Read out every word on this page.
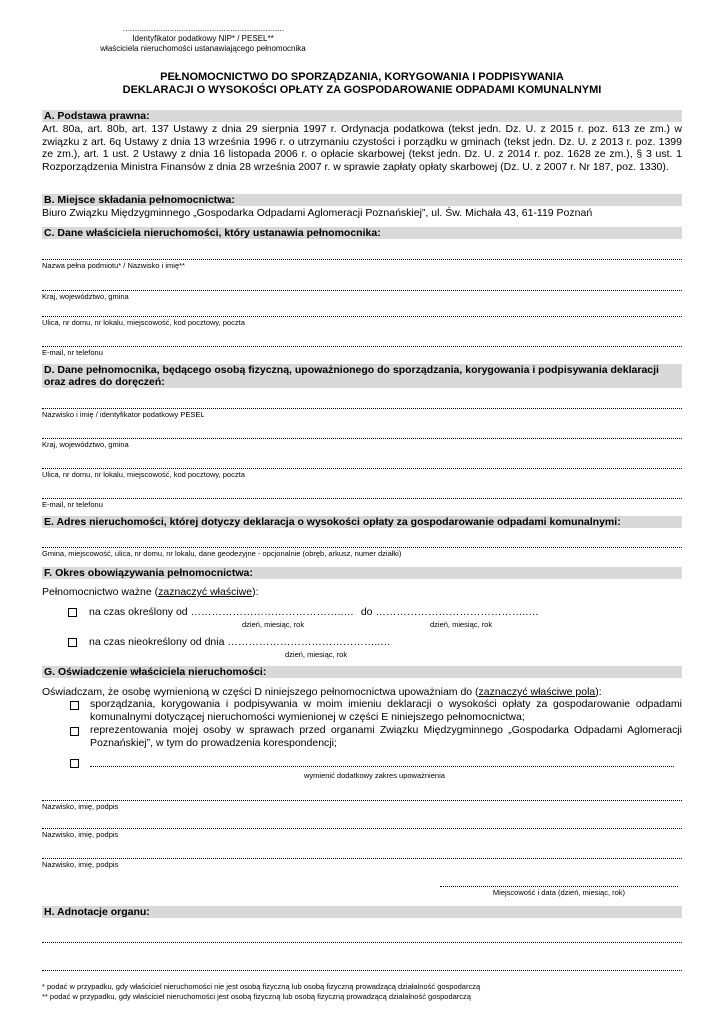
……………………………………………………………
Identyfikator podatkowy NIP* / PESEL**
właściciela nieruchomości ustanawiającego pełnomocnika
PEŁNOMOCNICTWO DO SPORZĄDZANIA, KORYGOWANIA I PODPISYWANIA
DEKLARACJI O WYSOKOŚCI OPŁATY ZA GOSPODAROWANIE ODPADAMI KOMUNALNYMI
A. Podstawa prawna:
Art. 80a, art. 80b, art. 137 Ustawy z dnia 29 sierpnia 1997 r. Ordynacja podatkowa (tekst jedn. Dz. U. z 2015 r. poz. 613 ze zm.) w związku z art. 6q Ustawy z dnia 13 września 1996 r. o utrzymaniu czystości i porządku w gminach (tekst jedn. Dz. U. z 2013 r. poz. 1399 ze zm.), art. 1 ust. 2 Ustawy z dnia 16 listopada 2006 r. o opłacie skarbowej (tekst jedn. Dz. U. z 2014 r. poz. 1628 ze zm.), § 3 ust. 1 Rozporządzenia Ministra Finansów z dnia 28 września 2007 r. w sprawie zapłaty opłaty skarbowej (Dz. U. z 2007 r. Nr 187, poz. 1330).
B. Miejsce składania pełnomocnictwa:
Biuro Związku Międzygminnego „Gospodarka Odpadami Aglomeracji Poznańskiej”, ul. Św. Michała 43, 61-119 Poznań
C. Dane właściciela nieruchomości, który ustanawia pełnomocnika:
Nazwa pełna podmiotu* / Nazwisko i imię**
Kraj, województwo, gmina
Ulica, nr domu, nr lokalu, miejscowość, kod pocztowy, poczta
E-mail, nr telefonu
D. Dane pełnomocnika, będącego osobą fizyczną, upoważnionego do sporządzania, korygowania i podpisywania deklaracji
oraz adres do doręczeń:
Nazwisko i imię / identyfikator podatkowy PESEL
Kraj, województwo, gmina
Ulica, nr domu, nr lokalu, miejscowość, kod pocztowy, poczta
E-mail, nr telefonu
E. Adres nieruchomości, której dotyczy deklaracja o wysokości opłaty za gospodarowanie odpadami komunalnymi:
Gmina, miejscowość, ulica, nr domu, nr lokalu, dane geodezyjne - opcjonalnie (obręb, arkusz, numer działki)
F. Okres obowiązywania pełnomocnictwa:
Pełnomocnictwo ważne (zaznaczyć właściwe):
na czas określony od ……………………………………..… do ……………………………………..…
dzień, miesiąc, rok	dzień, miesiąc, rok
na czas nieokreślony od dnia ……………………………………..…
dzień, miesiąc, rok
G. Oświadczenie właściciela nieruchomości:
Oświadczam, że osobę wymienioną w części D niniejszego pełnomocnictwa upoważniam do (zaznaczyć właściwe pola):
sporządzania, korygowania i podpisywania w moim imieniu deklaracji o wysokości opłaty za gospodarowanie odpadami komunalnymi dotyczącej nieruchomości wymienionej w części E niniejszego pełnomocnictwa;
reprezentowania mojej osoby w sprawach przed organami Związku Międzygminnego „Gospodarka Odpadami Aglomeracji Poznańskiej”, w tym do prowadzenia korespondencji;
wymienić dodatkowy zakres upoważnienia
Nazwisko, imię, podpis
Nazwisko, imię, podpis
Nazwisko, imię, podpis
Miejscowość i data (dzień, miesiąc, rok)
H. Adnotacje organu:
* podać w przypadku, gdy właściciel nieruchomości nie jest osobą fizyczną lub osobą fizyczną prowadzącą działalność gospodarczą
** podać w przypadku, gdy właściciel nieruchomości jest osobą fizyczną lub osobą fizyczną prowadzącą działalność gospodarczą
